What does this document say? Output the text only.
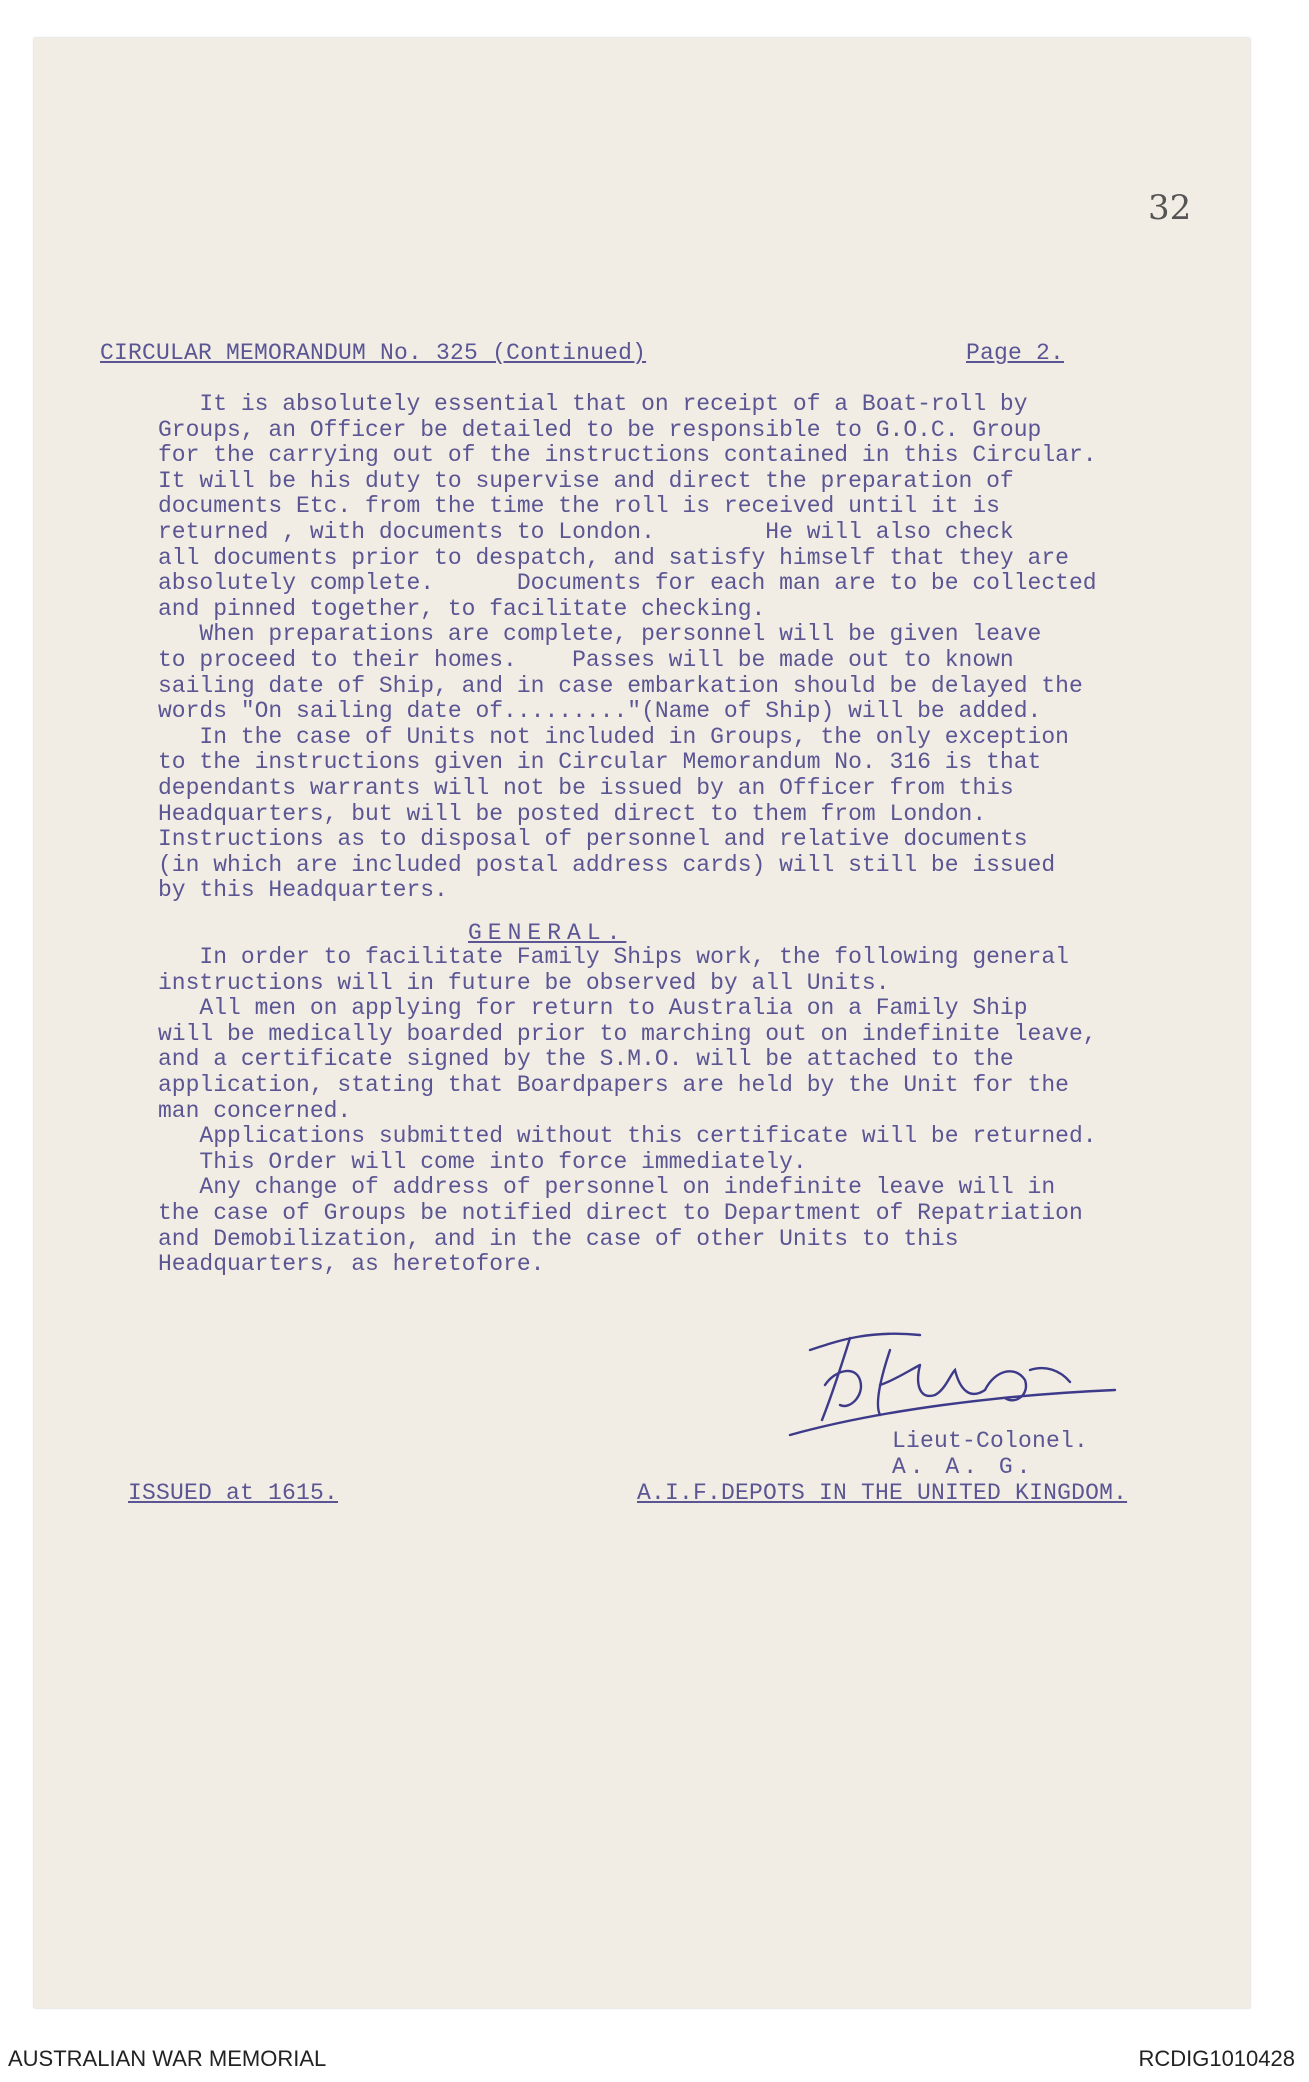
32
CIRCULAR MEMORANDUM No. 325 (Continued)	Page 2.
It is absolutely essential that on receipt of a Boat-roll by
Groups, an Officer be detailed to be responsible to G.O.C. Group
for the carrying out of the instructions contained in this Circular.
It will be his duty to supervise and direct the preparation of
documents Etc. from the time the roll is received until it is
returned , with documents to London.        He will also check
all documents prior to despatch, and satisfy himself that they are
absolutely complete.      Documents for each man are to be collected
and pinned together, to facilitate checking.
When preparations are complete, personnel will be given leave
to proceed to their homes.    Passes will be made out to known
sailing date of Ship, and in case embarkation should be delayed the
words "On sailing date of........."(Name of Ship) will be added.
In the case of Units not included in Groups, the only exception
to the instructions given in Circular Memorandum No. 316 is that
dependants warrants will not be issued by an Officer from this
Headquarters, but will be posted direct to them from London.
Instructions as to disposal of personnel and relative documents
(in which are included postal address cards) will still be issued
by this Headquarters.
GENERAL.
In order to facilitate Family Ships work, the following general
instructions will in future be observed by all Units.
All men on applying for return to Australia on a Family Ship
will be medically boarded prior to marching out on indefinite leave,
and a certificate signed by the S.M.O. will be attached to the
application, stating that Boardpapers are held by the Unit for the
man concerned.
Applications submitted without this certificate will be returned.
This Order will come into force immediately.
Any change of address of personnel on indefinite leave will in
the case of Groups be notified direct to Department of Repatriation
and Demobilization, and in the case of other Units to this
Headquarters, as heretofore.
Lieut-Colonel.
A. A. G.
A.I.F.DEPOTS IN THE UNITED KINGDOM.
ISSUED at 1615.
AUSTRALIAN WAR MEMORIAL	RCDIG1010428
